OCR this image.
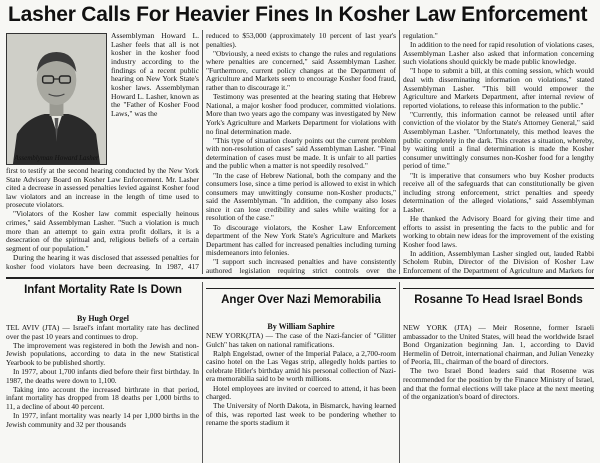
Lasher Calls For Heavier Fines In Kosher Law Enforcement
Assemblyman Howard Lasher

Assemblyman Howard L. Lasher feels that all is not kosher in the kosher food industry according to the findings of a recent public hearing on New York State's kosher laws. Assemblyman Howard L. Lasher, known as the "Father of Kosher Food Laws," was the

first to testify at the second hearing conducted by the New York State Advisory Board on Kosher Law Enforcement. Mr. Lasher cited a decrease in assessed penalties levied against Kosher food law violators and an increase in the length of time used to prosecute violators.

"Violators of the Kosher law commit especially heinous crimes," said Assemblyman Lasher. "Such a violation is much more than an attempt to gain extra profit dollars, it is a desecration of the spiritual and, religious beliefs of a certain segment of our population."

During the hearing it was disclosed that assessed penalties for kosher food violators have been decreasing. In 1987, 417

reduced to $53,000 (approximately 10 percent of last year's penalties).

"Obviously, a need exists to change the rules and regulations where penalties are concerned," said Assemblyman Lasher. "Furthermore, current policy changes at the Department of Agriculture and Markets seem to encourage Kosher food fraud, rather than to discourage it."

Testimony was presented at the hearing stating that Hebrew National, a major kosher food producer, committed violations. More than two years ago the company was investigated by New York's Agriculture and Markets Department for violations with no final determination made.

"This type of situation clearly points out the current problem with non-resolution of cases" said Assemblyman Lasher. "Final determination of cases must be made. It is unfair to all parties and the public when a matter is not speedily resolved."

"In the case of Hebrew National, both the company and the consumers lose, since a time period is allowed to exist in which consumers may unwittingly consume non-Kosher products," said the Assemblyman. "In addition, the company also loses since it can lose credibility and sales while waiting for a resolution of the case."

To discourage violators, the Kosher Law Enforcement department of the New York State's Agriculture and Markets Department has called for increased penalties including turning misdemeanors into felonies.

"I support such increased penalties and have consistently authored legislation requiring strict controls over the

regulation."

In addition to the need for rapid resolution of violations cases, Assemblyman Lasher also asked that information concerning such violations should quickly be made public knowledge.

"I hope to submit a bill, at this coming session, which would deal with disseminating information on violations," stated Assemblyman Lasher. "This bill would empower the Agriculture and Markets Department, after internal review of reported violations, to release this information to the public."

"Currently, this information cannot be released until after conviction of the violator by the State's Attorney General," said Assemblyman Lasher. "Unfortunately, this method leaves the public completely in the dark. This creates a situation, whereby, by waiting until a final determination is made the Kosher consumer unwittingly consumes non-Kosher food for a lengthy period of time."

"It is imperative that consumers who buy Kosher products receive all of the safeguards that can constitutionally be given including strong enforcement, strict penalties and speedy determination of the alleged violations," said Assemblyman Lasher.

He thanked the Advisory Board for giving their time and efforts to assist in presenting the facts to the public and for working to obtain new ideas for the improvement of the existing Kosher food laws.

In addition, Assemblyman Lasher singled out, lauded Rabbi Scholem Rubin, Director of the Division of Kosher Law Enforcement of the Department of Agriculture and Markets for

Infant Mortality Rate Is Down
By Hugh Orgel

TEL AVIV (JTA) — Israel's infant mortality rate has declined over the past 10 years and continues to drop.

The improvement was registered in both the Jewish and non-Jewish populations, according to data in the new Statistical Yearbook to be published shortly.

In 1977, about 1,700 infants died before their first birthday. In 1987, the deaths were down to 1,100.

Taking into account the increased birthrate in that period, infant mortality has dropped from 18 deaths per 1,000 births to 11, a decline of about 40 percent.

In 1977, infant mortality was nearly 14 per 1,000 births in the Jewish community and 32 per thousands

Anger Over Nazi Memorabilia
By William Saphire

NEW YORK(JTA) — The case of the Nazi-fancier of "Glitter Gulch" has taken on national ramifications.

Ralph Engelstad, owner of the Imperial Palace, a 2,700-room casino hotel on the Las Vegas strip, allegedly holds parties to celebrate Hitler's birthday amid his personal collection of Nazi-era memorabilia said to be worth millions.

Hotel employees are invited or coerced to attend, it has been charged.

The University of North Dakota, in Bismarck, having learned of this, was reported last week to be pondering whether to rename the sports stadium it

Rosanne To Head Israel Bonds

NEW YORK (JTA) — Meir Rosenne, former Israeli ambassador to the United States, will head the worldwide Israel Bond Organization beginning Jan. 1, according to David Hermelin of Detroit, international chairman, and Julian Venezky of Peoria, Ill., chairman of the board of directors.

The two Israel Bond leaders said that Rosenne was recommended for the position by the Finance Ministry of Israel, and that the formal elections will take place at the next meeting of the organization's board of directors.
